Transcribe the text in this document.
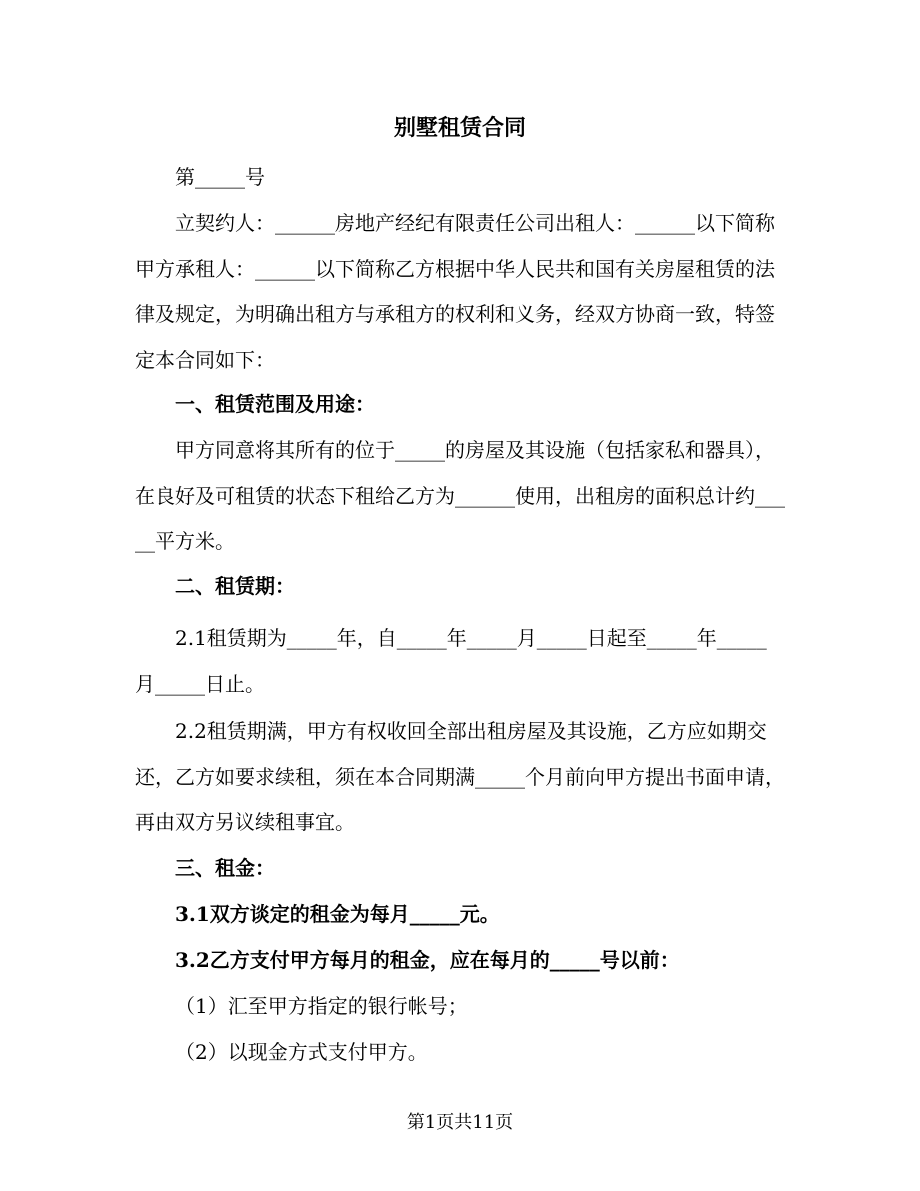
别墅租赁合同

第_____号

立契约人：______房地产经纪有限责任公司出租人：______以下简称甲方承租人：______以下简称乙方根据中华人民共和国有关房屋租赁的法律及规定，为明确出租方与承租方的权利和义务，经双方协商一致，特签定本合同如下：

一、租赁范围及用途：

甲方同意将其所有的位于_____的房屋及其设施（包括家私和器具），在良好及可租赁的状态下租给乙方为______使用，出租房的面积总计约_____平方米。

二、租赁期：

2.1租赁期为_____年，自_____年_____月_____日起至_____年_____月_____日止。

2.2租赁期满，甲方有权收回全部出租房屋及其设施，乙方应如期交还，乙方如要求续租，须在本合同期满_____个月前向甲方提出书面申请，再由双方另议续租事宜。

三、租金：

3.1双方谈定的租金为每月_____元。

3.2乙方支付甲方每月的租金，应在每月的_____号以前：

（1）汇至甲方指定的银行帐号；

（2）以现金方式支付甲方。

第1页共11页
